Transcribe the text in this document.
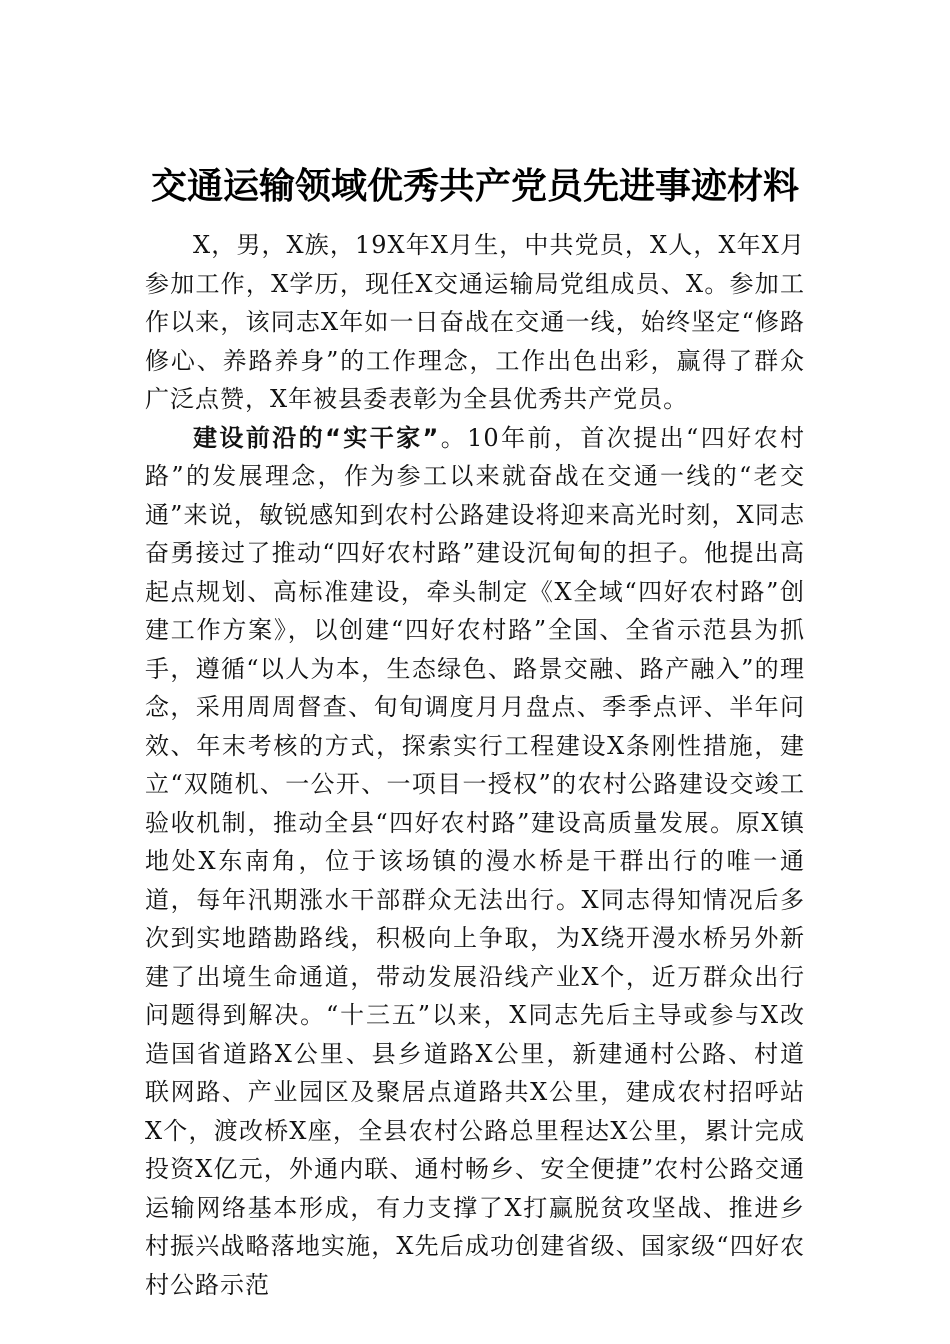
交通运输领域优秀共产党员先进事迹材料

X，男，X族，19X年X月生，中共党员，X人，X年X月参加工作，X学历，现任X交通运输局党组成员、X。参加工作以来，该同志X年如一日奋战在交通一线，始终坚定“修路修心、养路养身”的工作理念，工作出色出彩，赢得了群众广泛点赞，X年被县委表彰为全县优秀共产党员。

建设前沿的“实干家”。10年前，首次提出“四好农村路”的发展理念，作为参工以来就奋战在交通一线的“老交通”来说，敏锐感知到农村公路建设将迎来高光时刻，X同志奋勇接过了推动“四好农村路”建设沉甸甸的担子。他提出高起点规划、高标准建设，牵头制定《X全域“四好农村路”创建工作方案》，以创建“四好农村路”全国、全省示范县为抓手，遵循“以人为本，生态绿色、路景交融、路产融入”的理念，采用周周督查、旬旬调度月月盘点、季季点评、半年问效、年末考核的方式，探索实行工程建设X条刚性措施，建立“双随机、一公开、一项目一授权”的农村公路建设交竣工验收机制，推动全县“四好农村路”建设高质量发展。原X镇地处X东南角，位于该场镇的漫水桥是干群出行的唯一通道，每年汛期涨水干部群众无法出行。X同志得知情况后多次到实地踏勘路线，积极向上争取，为X绕开漫水桥另外新建了出境生命通道，带动发展沿线产业X个，近万群众出行问题得到解决。“十三五”以来，X同志先后主导或参与X改造国省道路X公里、县乡道路X公里，新建通村公路、村道联网路、产业园区及聚居点道路共X公里，建成农村招呼站X个，渡改桥X座，全县农村公路总里程达X公里，累计完成投资X亿元，外通内联、通村畅乡、安全便捷”农村公路交通运输网络基本形成，有力支撑了X打赢脱贫攻坚战、推进乡村振兴战略落地实施，X先后成功创建省级、国家级“四好农村公路示范
